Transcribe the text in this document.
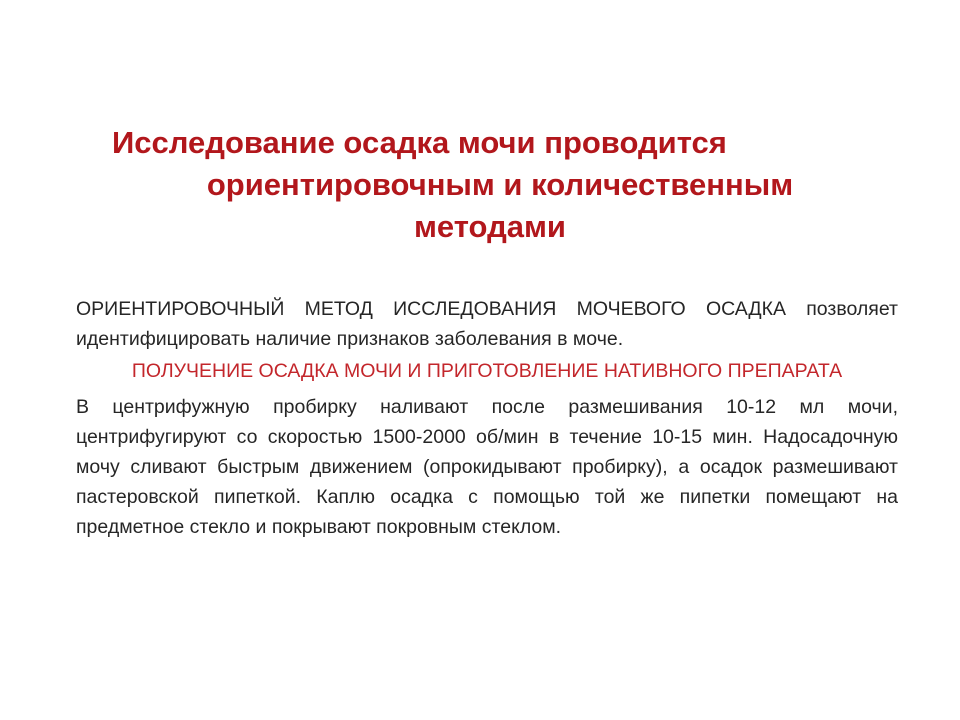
Исследование осадка мочи проводится
ориентировочным и количественным
методами

ОРИЕНТИРОВОЧНЫЙ МЕТОД ИССЛЕДОВАНИЯ МОЧЕВОГО ОСАДКА позволяет идентифицировать наличие признаков заболевания в моче.

ПОЛУЧЕНИЕ ОСАДКА МОЧИ И ПРИГОТОВЛЕНИЕ НАТИВНОГО ПРЕПАРАТА

В центрифужную пробирку наливают после размешивания 10-12 мл мочи, центрифугируют со скоростью 1500-2000 об/мин в течение 10-15 мин. Надосадочную мочу сливают быстрым движением (опрокидывают пробирку), а осадок размешивают пастеровской пипеткой. Каплю осадка с помощью той же пипетки помещают на предметное стекло и покрывают покровным стеклом.
